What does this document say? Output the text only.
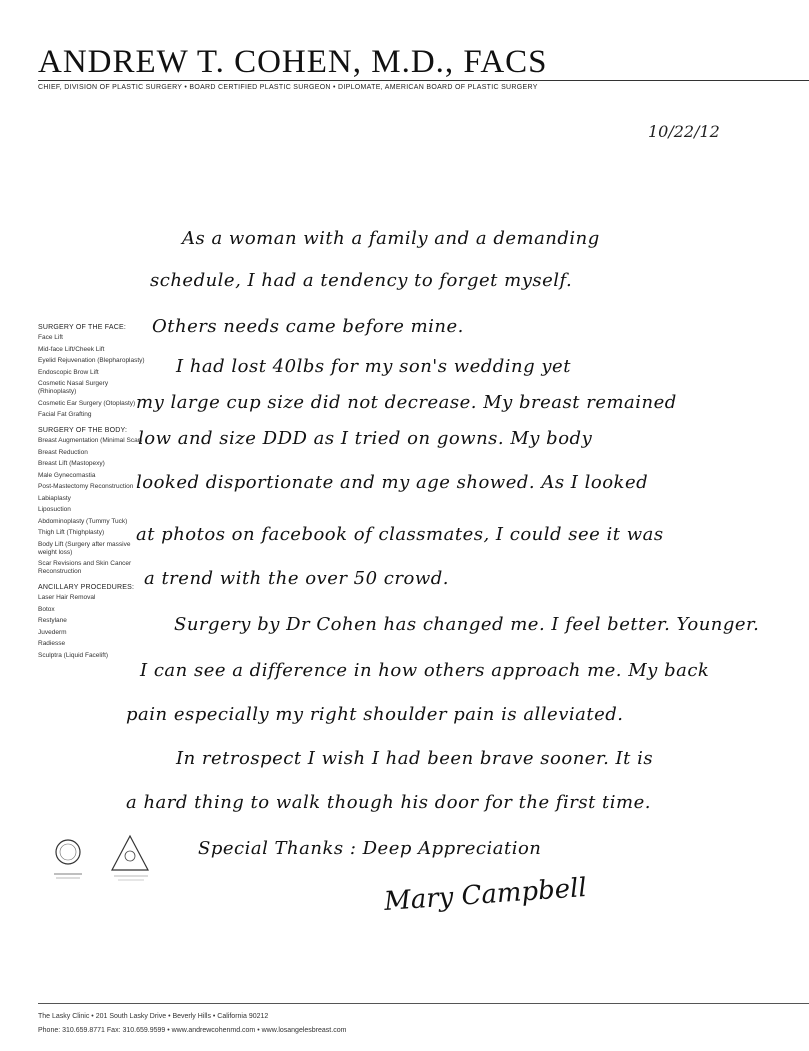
ANDREW T. COHEN, M.D., FACS
CHIEF, DIVISION OF PLASTIC SURGERY • BOARD CERTIFIED PLASTIC SURGEON • DIPLOMATE, AMERICAN BOARD OF PLASTIC SURGERY
10/22/12
SURGERY OF THE FACE:
Face Lift
Mid-face Lift/Cheek Lift
Eyelid Rejuvenation (Blepharoplasty)
Endoscopic Brow Lift
Cosmetic Nasal Surgery (Rhinoplasty)
Cosmetic Ear Surgery (Otoplasty)
Facial Fat Grafting
SURGERY OF THE BODY:
Breast Augmentation (Minimal Scar)
Breast Reduction
Breast Lift (Mastopexy)
Male Gynecomastia
Post-Mastectomy Reconstruction
Labiaplasty
Liposuction
Abdominoplasty (Tummy Tuck)
Thigh Lift (Thighplasty)
Body Lift (Surgery after massive weight loss)
Scar Revisions and Skin Cancer Reconstruction
ANCILLARY PROCEDURES:
Laser Hair Removal
Botox
Restylane
Juvederm
Radiesse
Sculptra (Liquid Facelift)
As a woman with a family and a demanding
schedule, I had a tendency to forget myself.
Others needs came before mine.
I had lost 40lbs for my son's wedding yet
my large cup size did not decrease. My breast remained
low and size DDD as I tried on gowns. My body
looked disportionate and my age showed. As I looked
at photos on facebook of classmates, I could see it was
a trend with the over 50 crowd.
Surgery by Dr Cohen has changed me. I feel better. Younger.
I can see a difference in how others approach me. My back
pain especially my right shoulder pain is alleviated.
In retrospect I wish I had been brave sooner. It is
a hard thing to walk though his door for the first time.
Special Thanks : Deep Appreciation
Mary Campbell
The Lasky Clinic • 201 South Lasky Drive • Beverly Hills • California 90212
Phone: 310.659.8771 Fax: 310.659.9599 • www.andrewcohenmd.com • www.losangelesbreast.com
